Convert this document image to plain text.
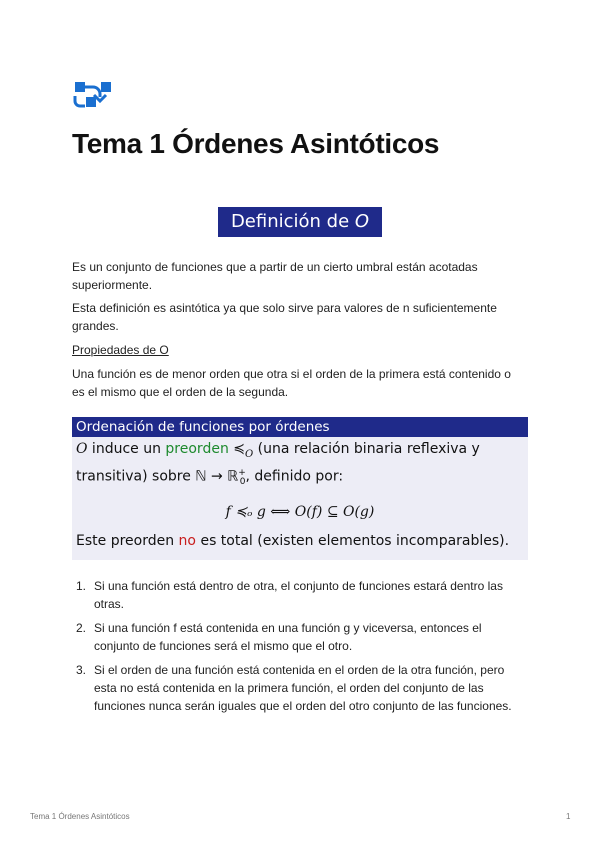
Tema 1 Órdenes Asintóticos
Definición de O

Es un conjunto de funciones que a partir de un cierto umbral están acotadas superiormente.

Esta definición es asintótica ya que solo sirve para valores de n suficientemente grandes.

Propiedades de O

Una función es de menor orden que otra si el orden de la primera está contenido o es el mismo que el orden de la segunda.

Ordenación de funciones por órdenes
O induce un preorden $≼_O$ (una relación binaria reflexiva y transitiva) sobre ℕ → ℝ+$_0$, definido por:
f ≼ₒ g ⟺ O(f) ⊆ O(g)
Este preorden no es total (existen elementos incomparables).
1. Si una función está dentro de otra, el conjunto de funciones estará dentro las otras.
2. Si una función f está contenida en una función g y viceversa, entonces el conjunto de funciones será el mismo que el otro.
3. Si el orden de una función está contenida en el orden de la otra función, pero esta no está contenida en la primera función, el orden del conjunto de las funciones nunca serán iguales que el orden del otro conjunto de las funciones.
Tema 1 Órdenes Asintóticos	1
